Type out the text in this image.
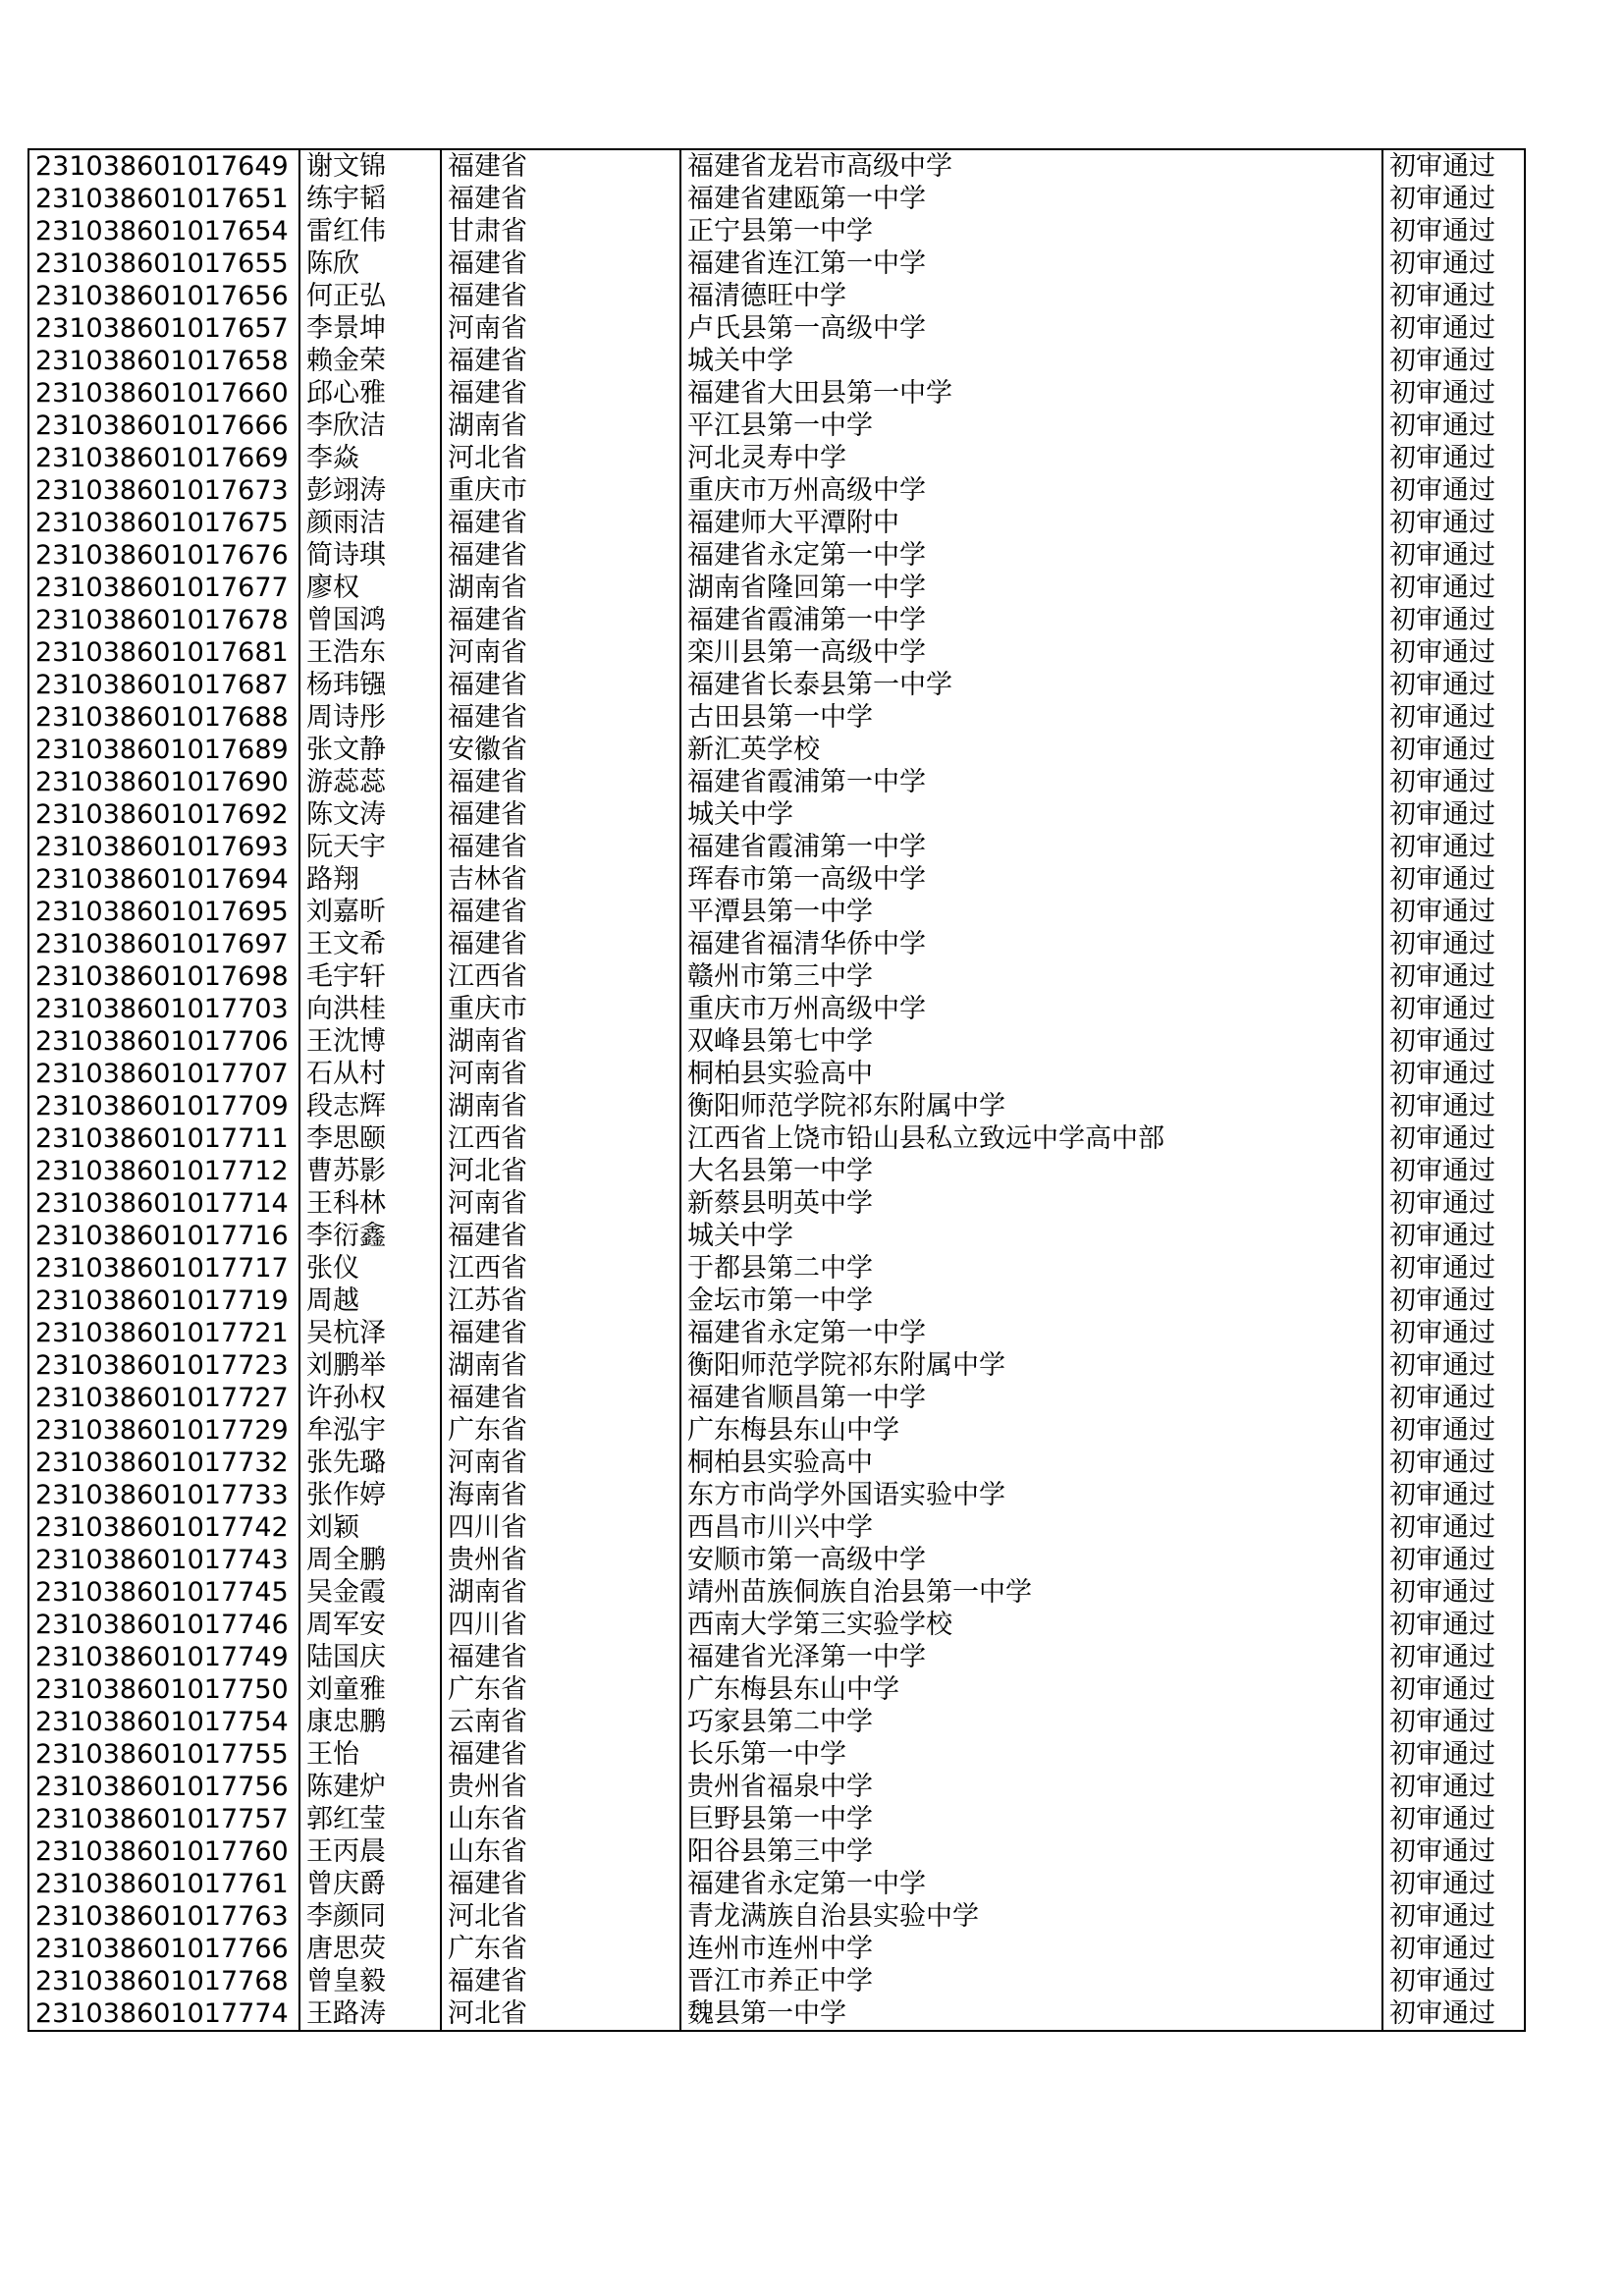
231038601017649	谢文锦	福建省	福建省龙岩市高级中学	初审通过
231038601017651	练宇韬	福建省	福建省建瓯第一中学	初审通过
231038601017654	雷红伟	甘肃省	正宁县第一中学	初审通过
231038601017655	陈欣	福建省	福建省连江第一中学	初审通过
231038601017656	何正弘	福建省	福清德旺中学	初审通过
231038601017657	李景坤	河南省	卢氏县第一高级中学	初审通过
231038601017658	赖金荣	福建省	城关中学	初审通过
231038601017660	邱心雅	福建省	福建省大田县第一中学	初审通过
231038601017666	李欣洁	湖南省	平江县第一中学	初审通过
231038601017669	李焱	河北省	河北灵寿中学	初审通过
231038601017673	彭翊涛	重庆市	重庆市万州高级中学	初审通过
231038601017675	颜雨洁	福建省	福建师大平潭附中	初审通过
231038601017676	简诗琪	福建省	福建省永定第一中学	初审通过
231038601017677	廖权	湖南省	湖南省隆回第一中学	初审通过
231038601017678	曾国鸿	福建省	福建省霞浦第一中学	初审通过
231038601017681	王浩东	河南省	栾川县第一高级中学	初审通过
231038601017687	杨玮镪	福建省	福建省长泰县第一中学	初审通过
231038601017688	周诗彤	福建省	古田县第一中学	初审通过
231038601017689	张文静	安徽省	新汇英学校	初审通过
231038601017690	游蕊蕊	福建省	福建省霞浦第一中学	初审通过
231038601017692	陈文涛	福建省	城关中学	初审通过
231038601017693	阮天宇	福建省	福建省霞浦第一中学	初审通过
231038601017694	路翔	吉林省	珲春市第一高级中学	初审通过
231038601017695	刘嘉昕	福建省	平潭县第一中学	初审通过
231038601017697	王文希	福建省	福建省福清华侨中学	初审通过
231038601017698	毛宇轩	江西省	赣州市第三中学	初审通过
231038601017703	向洪桂	重庆市	重庆市万州高级中学	初审通过
231038601017706	王沈博	湖南省	双峰县第七中学	初审通过
231038601017707	石从村	河南省	桐柏县实验高中	初审通过
231038601017709	段志辉	湖南省	衡阳师范学院祁东附属中学	初审通过
231038601017711	李思颐	江西省	江西省上饶市铅山县私立致远中学高中部	初审通过
231038601017712	曹苏影	河北省	大名县第一中学	初审通过
231038601017714	王科林	河南省	新蔡县明英中学	初审通过
231038601017716	李衍鑫	福建省	城关中学	初审通过
231038601017717	张仪	江西省	于都县第二中学	初审通过
231038601017719	周越	江苏省	金坛市第一中学	初审通过
231038601017721	吴杭泽	福建省	福建省永定第一中学	初审通过
231038601017723	刘鹏举	湖南省	衡阳师范学院祁东附属中学	初审通过
231038601017727	许孙权	福建省	福建省顺昌第一中学	初审通过
231038601017729	牟泓宇	广东省	广东梅县东山中学	初审通过
231038601017732	张先璐	河南省	桐柏县实验高中	初审通过
231038601017733	张作婷	海南省	东方市尚学外国语实验中学	初审通过
231038601017742	刘颖	四川省	西昌市川兴中学	初审通过
231038601017743	周全鹏	贵州省	安顺市第一高级中学	初审通过
231038601017745	吴金霞	湖南省	靖州苗族侗族自治县第一中学	初审通过
231038601017746	周军安	四川省	西南大学第三实验学校	初审通过
231038601017749	陆国庆	福建省	福建省光泽第一中学	初审通过
231038601017750	刘童雅	广东省	广东梅县东山中学	初审通过
231038601017754	康忠鹏	云南省	巧家县第二中学	初审通过
231038601017755	王怡	福建省	长乐第一中学	初审通过
231038601017756	陈建炉	贵州省	贵州省福泉中学	初审通过
231038601017757	郭红莹	山东省	巨野县第一中学	初审通过
231038601017760	王丙晨	山东省	阳谷县第三中学	初审通过
231038601017761	曾庆爵	福建省	福建省永定第一中学	初审通过
231038601017763	李颜同	河北省	青龙满族自治县实验中学	初审通过
231038601017766	唐思荧	广东省	连州市连州中学	初审通过
231038601017768	曾皇毅	福建省	晋江市养正中学	初审通过
231038601017774	王路涛	河北省	魏县第一中学	初审通过
